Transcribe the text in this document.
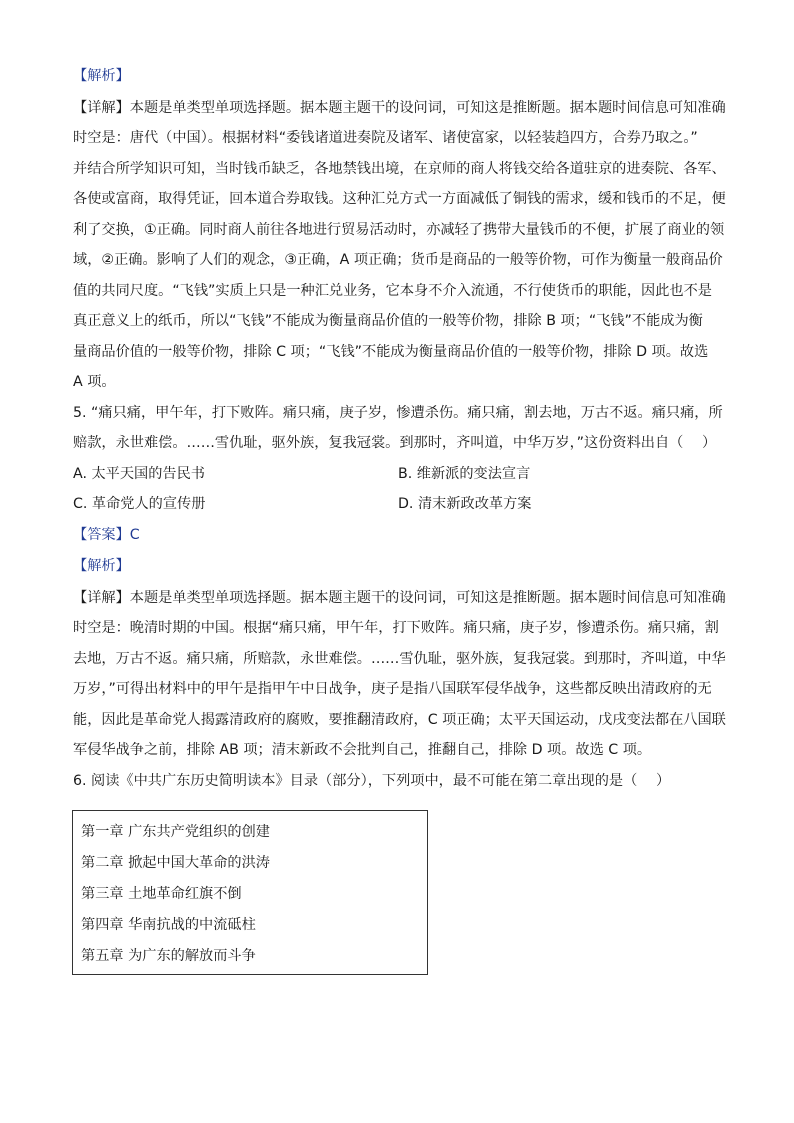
【解析】
【详解】本题是单类型单项选择题。据本题主题干的设问词，可知这是推断题。据本题时间信息可知准确
时空是：唐代（中国）。根据材料“委钱诸道进奏院及诸军、诸使富家，以轻装趋四方，合券乃取之。”
并结合所学知识可知，当时钱币缺乏，各地禁钱出境，在京师的商人将钱交给各道驻京的进奏院、各军、
各使或富商，取得凭证，回本道合券取钱。这种汇兑方式一方面减低了铜钱的需求，缓和钱币的不足，便
利了交换，①正确。同时商人前往各地进行贸易活动时，亦减轻了携带大量钱币的不便，扩展了商业的领
域，②正确。影响了人们的观念，③正确，A 项正确；货币是商品的一般等价物，可作为衡量一般商品价
值的共同尺度。“飞钱”实质上只是一种汇兑业务，它本身不介入流通，不行使货币的职能，因此也不是
真正意义上的纸币，所以“飞钱”不能成为衡量商品价值的一般等价物，排除 B 项；“飞钱”不能成为衡
量商品价值的一般等价物，排除 C 项；“飞钱”不能成为衡量商品价值的一般等价物，排除 D 项。故选
A 项。
5. “痛只痛，甲午年，打下败阵。痛只痛，庚子岁，惨遭杀伤。痛只痛，割去地，万古不返。痛只痛，所
赔款，永世难偿。……雪仇耻，驱外族，复我冠裳。到那时，齐叫道，中华万岁，”这份资料出自（　 ）
A. 太平天国的告民书	B. 维新派的变法宣言
C. 革命党人的宣传册	D. 清末新政改革方案
【答案】C
【解析】
【详解】本题是单类型单项选择题。据本题主题干的设问词，可知这是推断题。据本题时间信息可知准确
时空是：晚清时期的中国。根据“痛只痛，甲午年，打下败阵。痛只痛，庚子岁，惨遭杀伤。痛只痛，割
去地，万古不返。痛只痛，所赔款，永世难偿。……雪仇耻，驱外族，复我冠裳。到那时，齐叫道，中华
万岁，”可得出材料中的甲午是指甲午中日战争，庚子是指八国联军侵华战争，这些都反映出清政府的无
能，因此是革命党人揭露清政府的腐败，要推翻清政府，C 项正确；太平天国运动，戊戌变法都在八国联
军侵华战争之前，排除 AB 项；清末新政不会批判自己，推翻自己，排除 D 项。故选 C 项。
6. 阅读《中共广东历史简明读本》目录（部分），下列项中，最不可能在第二章出现的是（　 ）
第一章 广东共产党组织的创建
第二章 掀起中国大革命的洪涛
第三章 土地革命红旗不倒
第四章 华南抗战的中流砥柱
第五章 为广东的解放而斗争
